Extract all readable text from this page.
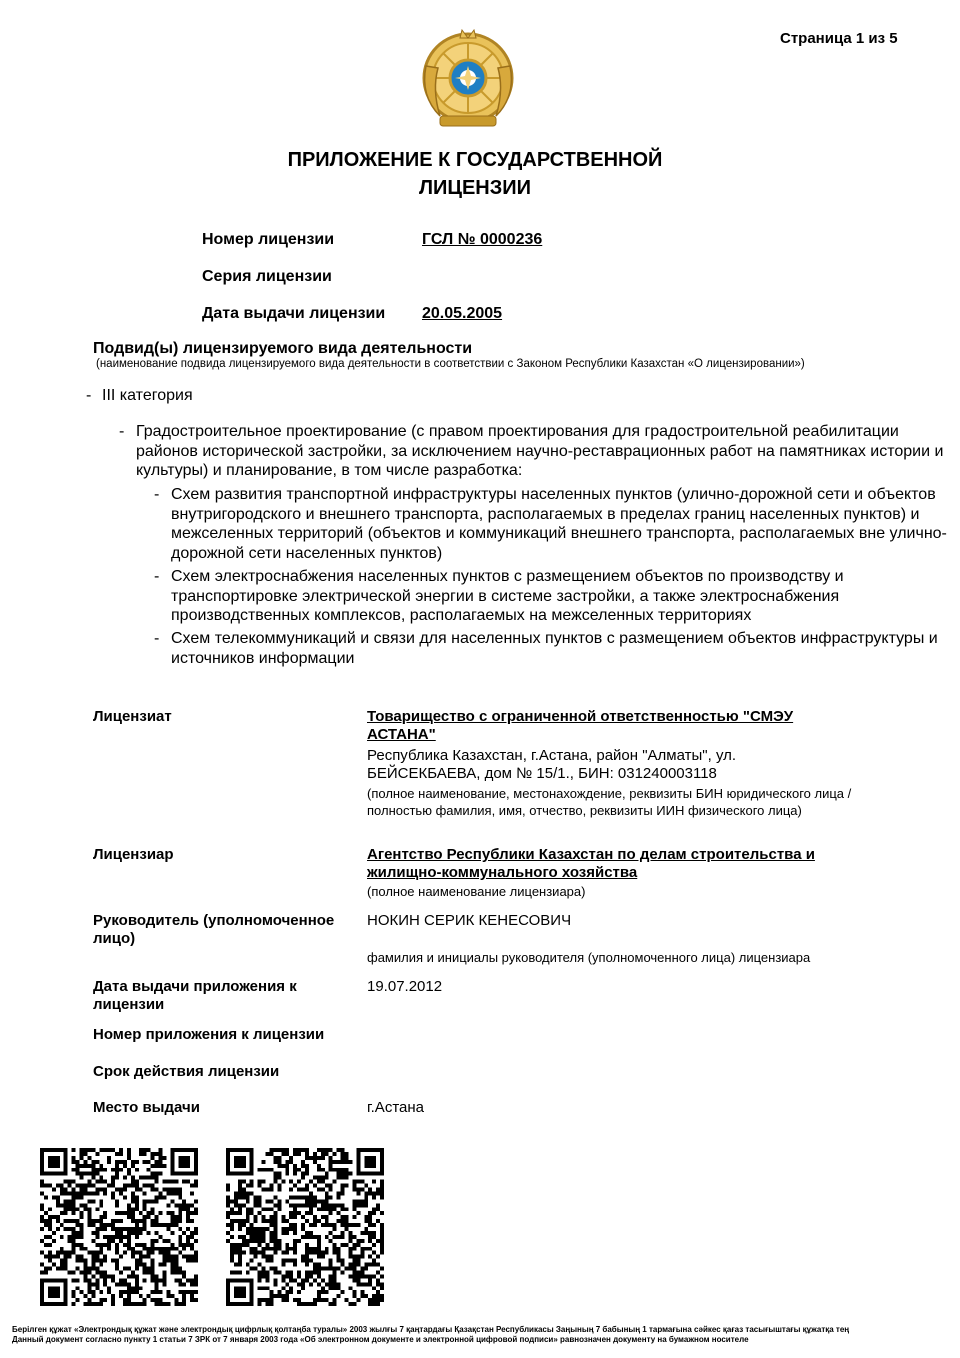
Страница 1 из 5
ПРИЛОЖЕНИЕ К ГОСУДАРСТВЕННОЙ
ЛИЦЕНЗИИ
Номер лицензии	ГСЛ № 0000236
Серия лицензии
Дата выдачи лицензии 20.05.2005
Подвид(ы) лицензируемого вида деятельности
(наименование подвида лицензируемого вида деятельности в соответствии с Законом Республики Казахстан «О лицензировании»)
- III категория
- Градостроительное проектирование (с правом проектирования для градостроительной реабилитации районов исторической застройки, за исключением научно-реставрационных работ на памятниках истории и культуры) и планирование, в том числе разработка:
- Схем развития транспортной инфраструктуры населенных пунктов (улично-дорожной сети и объектов внутригородского и внешнего транспорта, располагаемых в пределах границ населенных пунктов) и межселенных территорий (объектов и коммуникаций внешнего транспорта, располагаемых вне улично-дорожной сети населенных пунктов)
- Схем электроснабжения населенных пунктов с размещением объектов по производству и транспортировке электрической энергии в системе застройки, а также электроснабжения производственных комплексов, располагаемых на межселенных территориях
- Схем телекоммуникаций и связи для населенных пунктов с размещением объектов инфраструктуры и источников информации
Лицензиат	Товарищество с ограниченной ответственностью "СМЭУ АСТАНА"
Республика Казахстан, г.Астана, район "Алматы", ул. БЕЙСЕКБАЕВА, дом № 15/1., БИН: 031240003118
(полное наименование, местонахождение, реквизиты БИН юридического лица / полностью фамилия, имя, отчество, реквизиты ИИН физического лица)
Лицензиар	Агентство Республики Казахстан по делам строительства и жилищно-коммунального хозяйства
(полное наименование лицензиара)
Руководитель (уполномоченное лицо)
НОКИН СЕРИК КЕНЕСОВИЧ
фамилия и инициалы руководителя (уполномоченного лица) лицензиара
Дата выдачи приложения к лицензии
19.07.2012
Номер приложения к лицензии
Срок действия лицензии
Место выдачи	г.Астана
Берілген құжат «Электрондық құжат және электрондық цифрлық қолтаңба туралы» 2003 жылғы 7 қаңтардағы Қазақстан Республикасы Заңының 7 бабының 1 тармағына сәйкес қағаз тасығыштағы құжатқа тең
Данный документ согласно пункту 1 статьи 7 ЗРК от 7 января 2003 года «Об электронном документе и электронной цифровой подписи» равнозначен документу на бумажном носителе
